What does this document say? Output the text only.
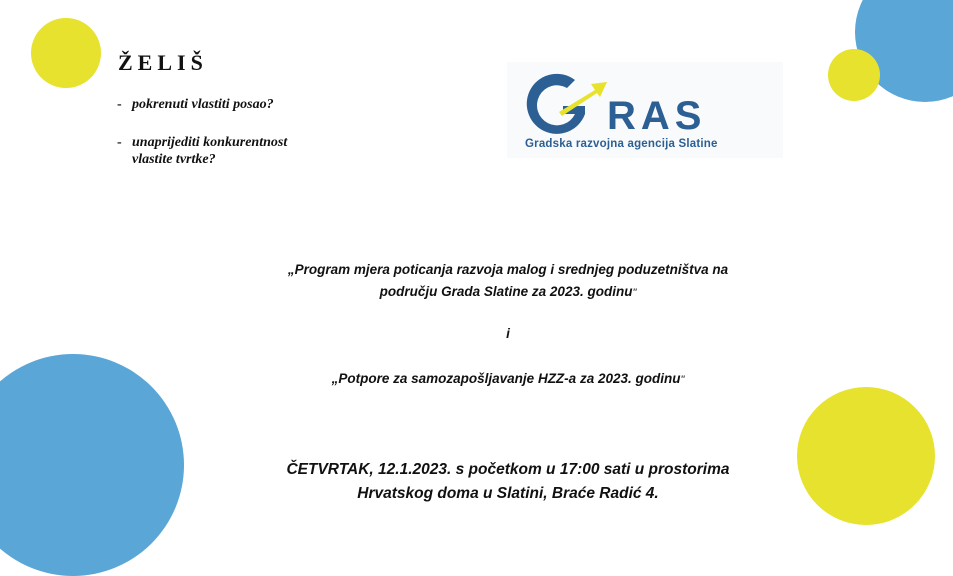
ŽELIŠ
- pokrenuti vlastiti posao?
- unaprijediti konkurentnost
vlastite tvrtke?
RAS
Gradska razvojna agencija Slatine
„Program mjera poticanja razvoja malog i srednjeg poduzetništva na
području Grada Slatine za 2023. godinu"
i
„Potpore za samozapošljavanje HZZ-a za 2023. godinu"
ČETVRTAK, 12.1.2023. s početkom u 17:00 sati u prostorima
Hrvatskog doma u Slatini, Braće Radić 4.
